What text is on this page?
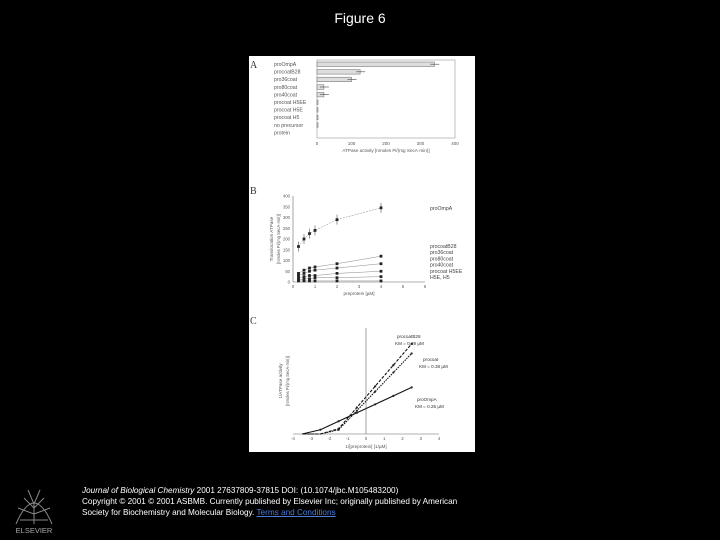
Figure 6
A	proOmpA
procoatB28
pro36coat
pro80coat
pro40coat
procoat H5EE
procoat H5E
procoat H5
no precursor
protein
0	100	200	300	400
ATPase activity [nmoles Pi/(mg SecA·min)]
B
0
50
100
150
200
250
300
350
400
0	1	2	3	4	5	6
preprotein [µM]
Translocation ATPase [nmoles Pi/(mg SecA·min)]
proOmpA
procoatB28
pro36coat
pro80coat
pro40coat
procoat H5EE
H5E, H5
C
-4	-3	-2	-1	0	1	2	3	4
1/[preprotein] [1/µM]
1/ATPase activity [nmoles Pi/(mg SecA·min)]
procoatB28
KM = 0.39 µM
procoat
KM = 0.38 µM
proOmpA
KM = 0.25 µM
ELSEVIER
Journal of Biological Chemistry 2001 27637809-37815 DOI: (10.1074/jbc.M105483200)
Copyright © 2001 © 2001 ASBMB. Currently published by Elsevier Inc; originally published by American
Society for Biochemistry and Molecular Biology. Terms and Conditions
